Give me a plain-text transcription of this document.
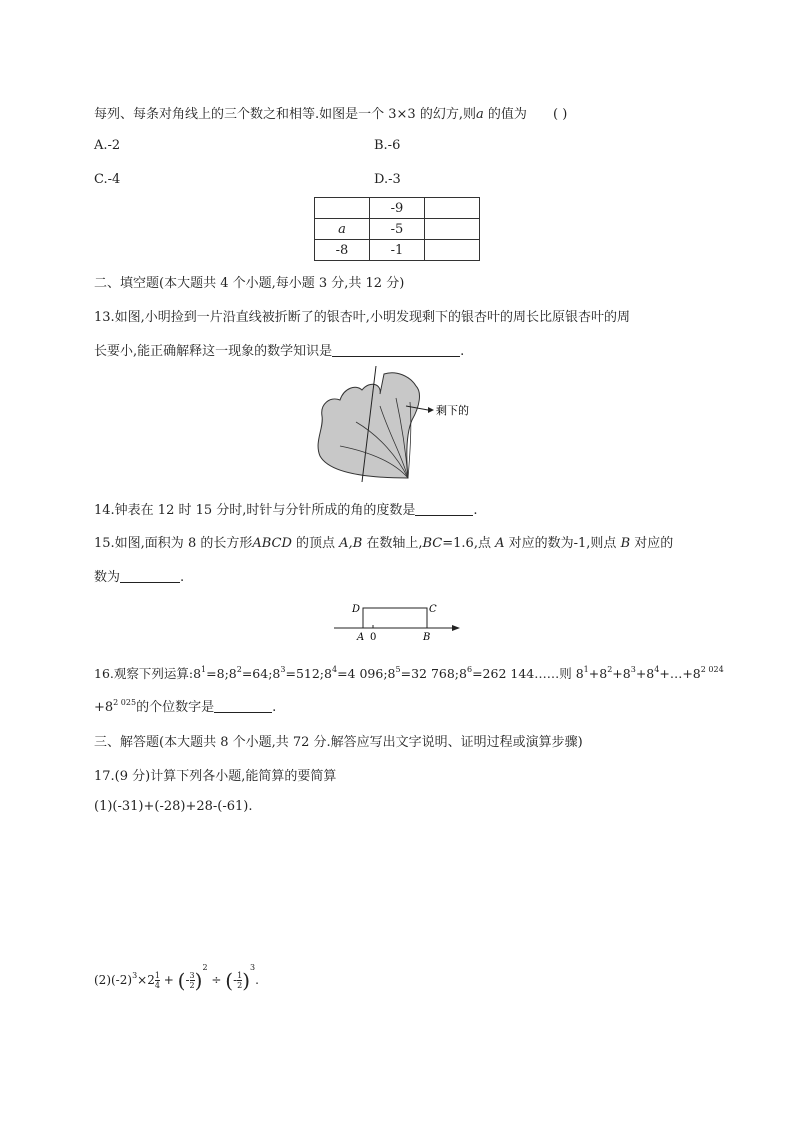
每列、每条对角线上的三个数之和相等.如图是一个 3×3 的幻方,则a 的值为 ( )
A.-2	B.-6
C.-4	D.-3
	-9	
a	-5	
-8	-1	
二、填空题(本大题共 4 个小题,每小题 3 分,共 12 分)
13.如图,小明捡到一片沿直线被折断了的银杏叶,小明发现剩下的银杏叶的周长比原银杏叶的周
长要小,能正确解释这一现象的数学知识是	.
剩下的
14.钟表在 12 时 15 分时,时针与分针所成的角的度数是	.
15.如图,面积为 8 的长方形ABCD 的顶点 A,B 在数轴上,BC=1.6,点 A 对应的数为-1,则点 B 对应的
数为	.
D	C
A 0	B
16.观察下列运算$:8^1=8;8^2=64;8^3=512;8^4=4$ $096;8^5=32$ $768;8^6=262$ 144……则 $8^1+8^2+8^3+8^4+\dots+8^{2 024}$
$+8^{2 025}$的个位数字是	.
三、解答题(本大题共 8 个小题,共 72 分.解答应写出文字说明、证明过程或演算步骤)
17.(9 分)计算下列各小题,能简算的要简算
(1)(-31)+(-28)+28-(-61).
$(2)(-2)^3\times 2 \frac{1}{4}$ + (- $\frac{3}{2} )^2$ ÷ (- $\frac{1}{2} )^3$.
